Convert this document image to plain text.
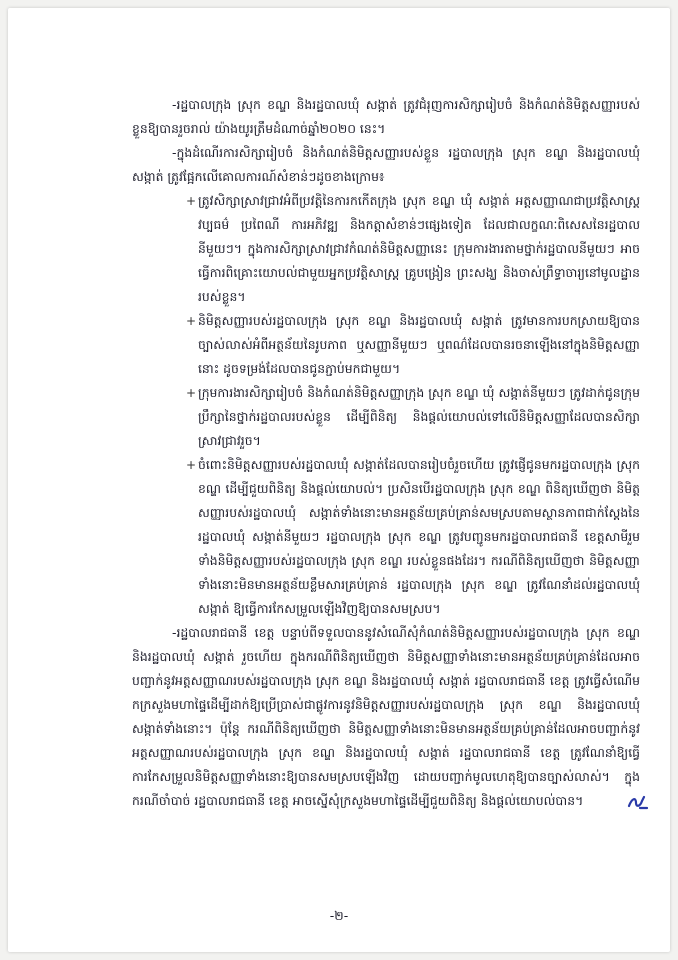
-រដ្ឋបាលក្រុង ស្រុក ខណ្ឌ និងរដ្ឋបាលឃុំ សង្កាត់ ត្រូវជំរុញការសិក្សារៀបចំ និងកំណត់និមិត្តសញ្ញារបស់ខ្លួនឱ្យបានរួចរាល់ យ៉ាងយូរត្រឹមដំណាច់ឆ្នាំ២០២០ នេះ។

-ក្នុងដំណើរការសិក្សារៀបចំ និងកំណត់និមិត្តសញ្ញារបស់ខ្លួន រដ្ឋបាលក្រុង ស្រុក ខណ្ឌ និងរដ្ឋបាលឃុំ សង្កាត់ ត្រូវផ្អែកលើគោលការណ៍សំខាន់ៗដូចខាងក្រោម៖

+ ត្រូវសិក្សាស្រាវជ្រាវអំពីប្រវត្តិនៃការកកើតក្រុង ស្រុក ខណ្ឌ ឃុំ សង្កាត់ អត្តសញ្ញាណជាប្រវត្តិសាស្ត្រ វប្បធម៌ ប្រពៃណី ការអភិវឌ្ឍ និងកត្តាសំខាន់ៗផ្សេងទៀត ដែលជាលក្ខណៈពិសេសនៃរដ្ឋបាលនីមួយៗ។ ក្នុងការសិក្សាស្រាវជ្រាវកំណត់និមិត្តសញ្ញានេះ ក្រុមការងារតាមថ្នាក់រដ្ឋបាលនីមួយៗ អាចធ្វើការពិគ្រោះយោបល់ជាមួយអ្នកប្រវត្តិសាស្ត្រ គ្រូបង្រៀន ព្រះសង្ឃ និងចាស់ព្រឹទ្ធាចារ្យនៅមូលដ្ឋានរបស់ខ្លួន។
+ និមិត្តសញ្ញារបស់រដ្ឋបាលក្រុង ស្រុក ខណ្ឌ និងរដ្ឋបាលឃុំ សង្កាត់ ត្រូវមានការបកស្រាយឱ្យបានច្បាស់លាស់អំពីអត្ថន័យនៃរូបភាព ឬសញ្ញានីមួយៗ ឬពណ៌ដែលបានរចនាឡើងនៅក្នុងនិមិត្តសញ្ញានោះ ដូចទម្រង់ដែលបានជូនភ្ជាប់មកជាមួយ។
+ ក្រុមការងារសិក្សារៀបចំ និងកំណត់និមិត្តសញ្ញាក្រុង ស្រុក ខណ្ឌ ឃុំ សង្កាត់នីមួយៗ ត្រូវដាក់ជូនក្រុមប្រឹក្សានៃថ្នាក់រដ្ឋបាលរបស់ខ្លួន ដើម្បីពិនិត្យ និងផ្តល់យោបល់ទៅលើនិមិត្តសញ្ញាដែលបានសិក្សាស្រាវជ្រាវរួច។
+ ចំពោះនិមិត្តសញ្ញារបស់រដ្ឋបាលឃុំ សង្កាត់ដែលបានរៀបចំរួចហើយ ត្រូវផ្ញើជូនមករដ្ឋបាលក្រុង ស្រុក ខណ្ឌ ដើម្បីជួយពិនិត្យ និងផ្តល់យោបល់។ ប្រសិនបើរដ្ឋបាលក្រុង ស្រុក ខណ្ឌ ពិនិត្យឃើញថា និមិត្តសញ្ញារបស់រដ្ឋបាលឃុំ សង្កាត់ទាំងនោះមានអត្ថន័យគ្រប់គ្រាន់សមស្របតាមស្ថានភាពជាក់ស្តែងនៃរដ្ឋបាលឃុំ សង្កាត់នីមួយៗ រដ្ឋបាលក្រុង ស្រុក ខណ្ឌ ត្រូវបញ្ជូនមករដ្ឋបាលរាជធានី ខេត្តសាមីរួមទាំងនិមិត្តសញ្ញារបស់រដ្ឋបាលក្រុង ស្រុក ខណ្ឌ របស់ខ្លួនផងដែរ។ ករណីពិនិត្យឃើញថា និមិត្តសញ្ញាទាំងនោះមិនមានអត្ថន័យខ្លឹមសារគ្រប់គ្រាន់ រដ្ឋបាលក្រុង ស្រុក ខណ្ឌ ត្រូវណែនាំដល់រដ្ឋបាលឃុំ សង្កាត់ ឱ្យធ្វើការកែសម្រួលឡើងវិញឱ្យបានសមស្រប។

-រដ្ឋបាលរាជធានី ខេត្ត បន្ទាប់ពីទទួលបាននូវសំណើសុំកំណត់និមិត្តសញ្ញារបស់រដ្ឋបាលក្រុង ស្រុក ខណ្ឌ និងរដ្ឋបាលឃុំ សង្កាត់ រួចហើយ ក្នុងករណីពិនិត្យឃើញថា និមិត្តសញ្ញាទាំងនោះមានអត្ថន័យគ្រប់គ្រាន់ដែលអាចបញ្ជាក់នូវអត្តសញ្ញាណរបស់រដ្ឋបាលក្រុង ស្រុក ខណ្ឌ និងរដ្ឋបាលឃុំ សង្កាត់ រដ្ឋបាលរាជធានី ខេត្ត ត្រូវធ្វើសំណើមកក្រសួងមហាផ្ទៃដើម្បីដាក់ឱ្យប្រើប្រាស់ជាផ្លូវការនូវនិមិត្តសញ្ញារបស់រដ្ឋបាលក្រុង ស្រុក ខណ្ឌ និងរដ្ឋបាលឃុំ សង្កាត់ទាំងនោះ។ ប៉ុន្តែ ករណីពិនិត្យឃើញថា និមិត្តសញ្ញាទាំងនោះមិនមានអត្ថន័យគ្រប់គ្រាន់ដែលអាចបញ្ជាក់នូវអត្តសញ្ញាណរបស់រដ្ឋបាលក្រុង ស្រុក ខណ្ឌ និងរដ្ឋបាលឃុំ សង្កាត់ រដ្ឋបាលរាជធានី ខេត្ត ត្រូវណែនាំឱ្យធ្វើការកែសម្រួលនិមិត្តសញ្ញាទាំងនោះឱ្យបានសមស្របឡើងវិញ ដោយបញ្ជាក់មូលហេតុឱ្យបានច្បាស់លាស់។ ក្នុងករណីចាំបាច់ រដ្ឋបាលរាជធានី ខេត្ត អាចស្នើសុំក្រសួងមហាផ្ទៃដើម្បីជួយពិនិត្យ និងផ្តល់យោបល់បាន។

-២-
